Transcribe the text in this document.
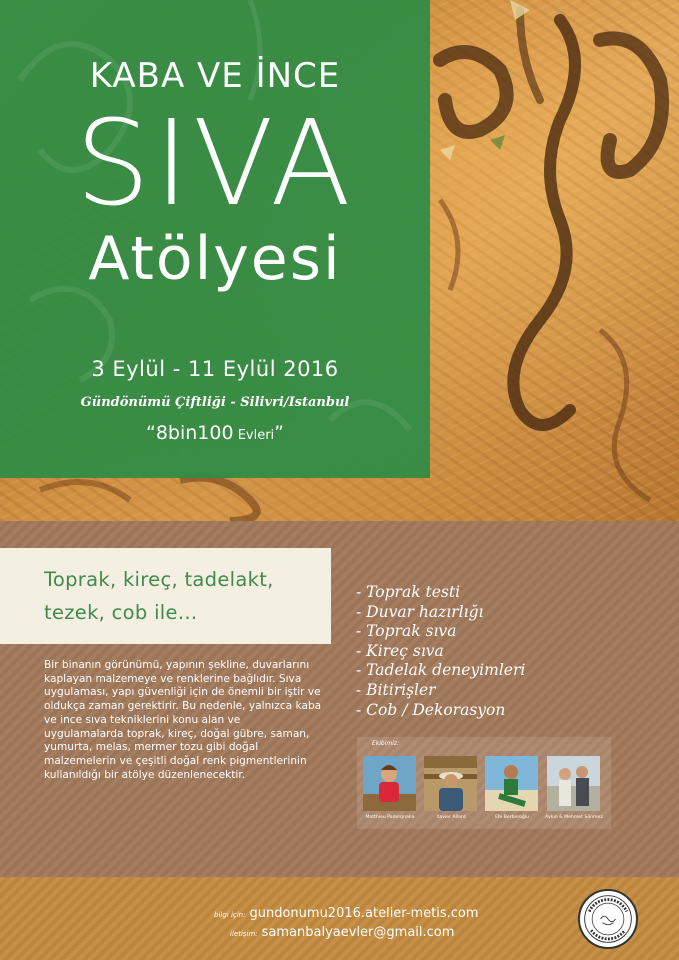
KABA VE İNCE
SIVA
Atölyesi
3 Eylül - 11 Eylül 2016
Gündönümü Çiftliği - Silivri/Istanbul
“8bin100 Evleri”
Toprak, kireç, tadelakt,
tezek, cob ile...
Bir binanın görünümü, yapının şekline, duvarlarını kaplayan malzemeye ve renklerine bağlıdır. Sıva uygulaması, yapı güvenliği için de önemli bir iştir ve oldukça zaman gerektirir. Bu nedenle, yalnızca kaba ve ince sıva tekniklerini konu alan ve uygulamalarda toprak, kireç, doğal gübre, saman, yumurta, melas, mermer tozu gibi doğal malzemelerin ve çeşitli doğal renk pigmentlerinin kullanıldığı bir atölye düzenlenecektir.
- Toprak testi
- Duvar hazırlığı
- Toprak sıva
- Kireç sıva
- Tadelak deneyimleri
- Bitirişler
- Cob / Dekorasyon
Ekibimiz:
Matthieu Padergnana	Xavier Allard	Efe Berberoğlu	Aykın & Mehmet Sönmez
bilgi için: gundonumu2016.atelier-metis.com
iletişim: samanbalyaevler@gmail.com
